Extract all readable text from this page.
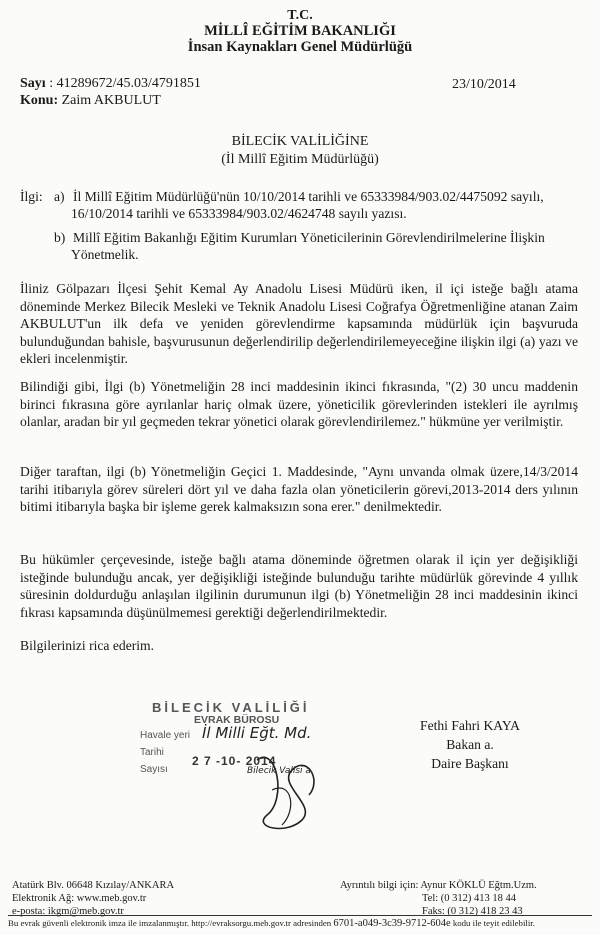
T.C.
MİLLÎ EĞİTİM BAKANLIĞI
İnsan Kaynakları Genel Müdürlüğü
Sayı : 41289672/45.03/4791851	23/10/2014
Konu: Zaim AKBULUT
BİLECİK VALİLİĞİNE
(İl Millî Eğitim Müdürlüğü)
İlgi: a) İl Millî Eğitim Müdürlüğü'nün 10/10/2014 tarihli ve 65333984/903.02/4475092 sayılı,
16/10/2014 tarihli ve 65333984/903.02/4624748 sayılı yazısı.
b) Millî Eğitim Bakanlığı Eğitim Kurumları Yöneticilerinin Görevlendirilmelerine İlişkin
Yönetmelik.
İliniz Gölpazarı İlçesi Şehit Kemal Ay Anadolu Lisesi Müdürü iken, il içi isteğe bağlı atama döneminde Merkez Bilecik Mesleki ve Teknik Anadolu Lisesi Coğrafya Öğretmenliğine atanan Zaim AKBULUT'un ilk defa ve yeniden görevlendirme kapsamında müdürlük için başvuruda bulunduğundan bahisle, başvurusunun değerlendirilip değerlendirilemeyeceğine ilişkin ilgi (a) yazı ve ekleri incelenmiştir.
Bilindiği gibi, İlgi (b) Yönetmeliğin 28 inci maddesinin ikinci fıkrasında, "(2) 30 uncu maddenin birinci fıkrasına göre ayrılanlar hariç olmak üzere, yöneticilik görevlerinden istekleri ile ayrılmış olanlar, aradan bir yıl geçmeden tekrar yönetici olarak görevlendirilemez." hükmüne yer verilmiştir.
Diğer taraftan, ilgi (b) Yönetmeliğin Geçici 1. Maddesinde, "Aynı unvanda olmak üzere,14/3/2014 tarihi itibarıyla görev süreleri dört yıl ve daha fazla olan yöneticilerin görevi,2013-2014 ders yılının bitimi itibarıyla başka bir işleme gerek kalmaksızın sona erer." denilmektedir.
Bu hükümler çerçevesinde, isteğe bağlı atama döneminde öğretmen olarak il için yer değişikliği isteğinde bulunduğu ancak, yer değişikliği isteğinde bulunduğu tarihte müdürlük görevinde 4 yıllık süresinin doldurduğu anlaşılan ilgilinin durumunun ilgi (b) Yönetmeliğin 28 inci maddesinin ikinci fıkrası kapsamında düşünülmemesi gerektiği değerlendirilmektedir.
Bilgilerinizi rica ederim.
BİLECİK VALİLİĞİ
EVRAK BÜROSU
Havale yeri İl Milli Eğt. Md.
Tarihi
Sayısı
2 7 -10- 2014
Bilecik Valisi a.
Fethi Fahri KAYA
Bakan a.
Daire Başkanı
Atatürk Blv. 06648 Kızılay/ANKARA
Elektronik Ağ: www.meb.gov.tr
e-posta: ikgm@meb.gov.tr
Ayrıntılı bilgi için: Aynur KÖKLÜ Eğtm.Uzm.
Tel: (0 312) 413 18 44
Faks: (0 312) 418 23 43
Bu evrak güvenli elektronik imza ile imzalanmıştır. http://evraksorgu.meb.gov.tr adresinden 6701-a049-3c39-9712-604e kodu ile teyit edilebilir.
